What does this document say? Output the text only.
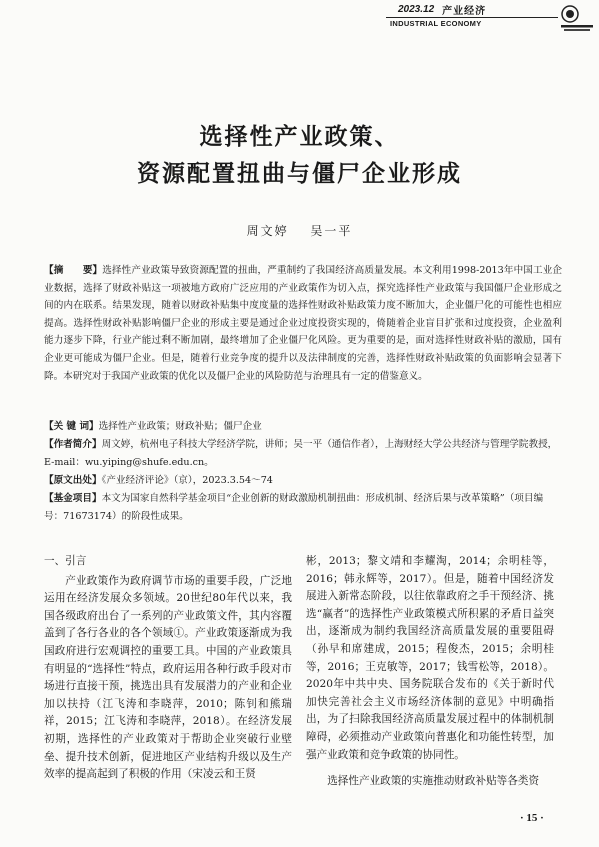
2023.12 产业经济
INDUSTRIAL ECONOMY
选择性产业政策、
资源配置扭曲与僵尸企业形成
周文婷 吴一平
【摘　　要】选择性产业政策导致资源配置的扭曲，严重制约了我国经济高质量发展。本文利用1998-2013年中国工业企业数据，选择了财政补贴这一项被地方政府广泛应用的产业政策作为切入点，探究选择性产业政策与我国僵尸企业形成之间的内在联系。结果发现，随着以财政补贴集中度度量的选择性财政补贴政策力度不断加大，企业僵尸化的可能性也相应提高。选择性财政补贴影响僵尸企业的形成主要是通过企业过度投资实现的，倚随着企业盲目扩张和过度投资，企业盈利能力逐步下降，行业产能过剩不断加剧，最终增加了企业僵尸化风险。更为重要的是，面对选择性财政补贴的激励，国有企业更可能成为僵尸企业。但是，随着行业竞争度的提升以及法律制度的完善，选择性财政补贴政策的负面影响会显著下降。本研究对于我国产业政策的优化以及僵尸企业的风险防范与治理具有一定的借鉴意义。
【关 键 词】选择性产业政策；财政补贴；僵尸企业
【作者简介】周文婷，杭州电子科技大学经济学院，讲师；吴一平（通信作者），上海财经大学公共经济与管理学院教授，E-mail：wu.yiping@shufe.edu.cn。
【原文出处】《产业经济评论》（京），2023.3.54～74
【基金项目】本文为国家自然科学基金项目“企业创新的财政激励机制扭曲：形成机制、经济后果与改革策略”（项目编号：71673174）的阶段性成果。
一、引言

产业政策作为政府调节市场的重要手段，广泛地运用在经济发展众多领域。20世纪80年代以来，我国各级政府出台了一系列的产业政策文件，其内容覆盖到了各行各业的各个领域①。产业政策逐渐成为我国政府进行宏观调控的重要工具。中国的产业政策具有明显的“选择性”特点，政府运用各种行政手段对市场进行直接干预，挑选出具有发展潜力的产业和企业加以扶持（江飞涛和李晓萍，2010；陈钊和熊瑞祥，2015；江飞涛和李晓萍，2018）。在经济发展初期，选择性的产业政策对于帮助企业突破行业壁垒、提升技术创新，促进地区产业结构升级以及生产效率的提高起到了积极的作用（宋凌云和王贤

彬，2013；黎文靖和李耀淘，2014；余明桂等，2016；韩永辉等，2017）。但是，随着中国经济发展进入新常态阶段，以往依靠政府之手干预经济、挑选“赢者”的选择性产业政策模式所积累的矛盾日益突出，逐渐成为制约我国经济高质量发展的重要阻碍（孙早和席建成，2015；程俊杰，2015；余明桂等，2016；王克敏等，2017；钱雪松等，2018）。2020年中共中央、国务院联合发布的《关于新时代加快完善社会主义市场经济体制的意见》中明确指出，为了扫除我国经济高质量发展过程中的体制机制障碍，必须推动产业政策向普惠化和功能性转型，加强产业政策和竞争政策的协同性。

选择性产业政策的实施推动财政补贴等各类资

· 15 ·
